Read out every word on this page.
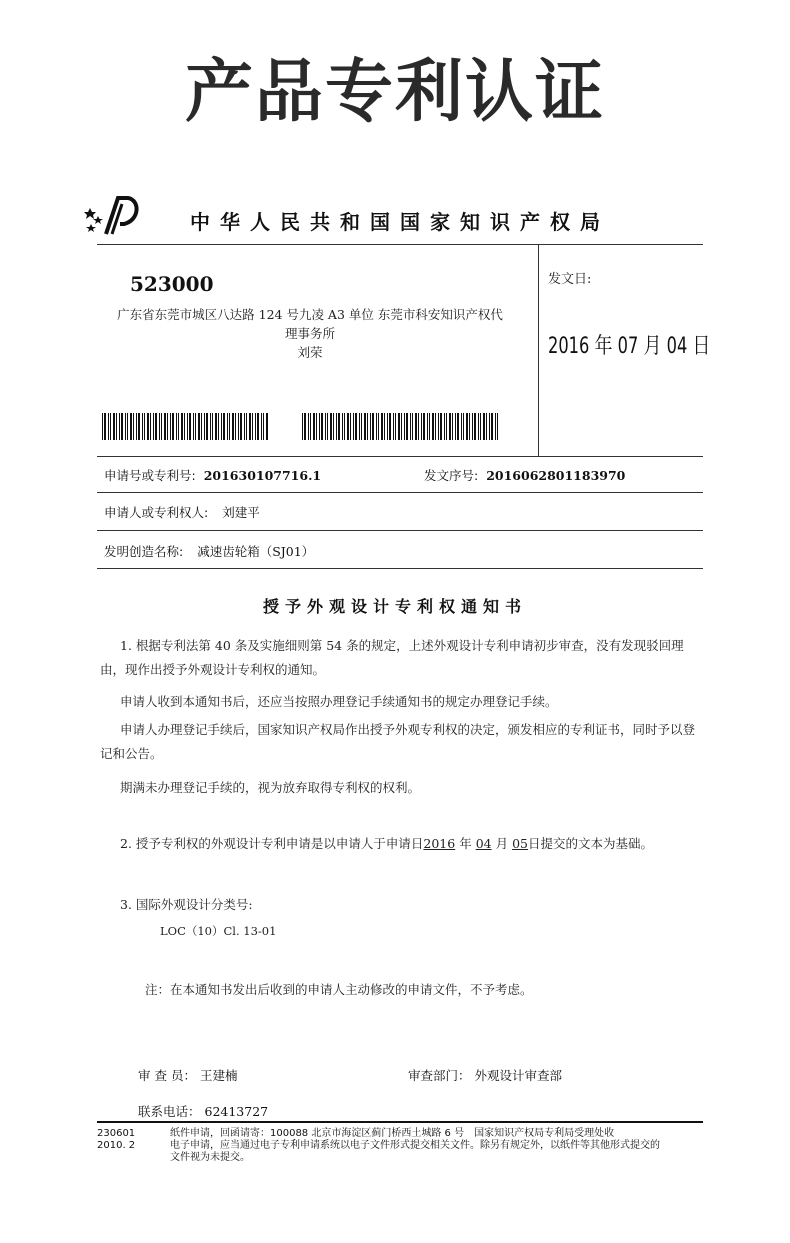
产品专利认证
中华人民共和国国家知识产权局
523000
广东省东莞市城区八达路 124 号九凌 A3 单位 东莞市科安知识产权代
理事务所
刘荣
发文日:
2016 年 07 月 04 日
申请号或专利号: 201630107716.1	发文序号: 2016062801183970
申请人或专利权人: 刘建平
发明创造名称: 减速齿轮箱（SJ01）
授予外观设计专利权通知书
1. 根据专利法第 40 条及实施细则第 54 条的规定，上述外观设计专利申请初步审查，没有发现驳回理由，现作出授予外观设计专利权的通知。
申请人收到本通知书后，还应当按照办理登记手续通知书的规定办理登记手续。
申请人办理登记手续后，国家知识产权局作出授予外观专利权的决定，颁发相应的专利证书，同时予以登记和公告。
期满未办理登记手续的，视为放弃取得专利权的权利。
2. 授予专利权的外观设计专利申请是以申请人于申请日2016 年 04 月 05日提交的文本为基础。
3. 国际外观设计分类号:
LOC（10）Cl. 13-01
注：在本通知书发出后收到的申请人主动修改的申请文件，不予考虑。
审 查 员： 王建楠	审查部门： 外观设计审查部
联系电话： 62413727
230601
2010. 2
纸件申请，回函请寄：100088 北京市海淀区蓟门桥西土城路 6 号　国家知识产权局专利局受理处收
电子申请，应当通过电子专利申请系统以电子文件形式提交相关文件。除另有规定外，以纸件等其他形式提交的
文件视为未提交。
